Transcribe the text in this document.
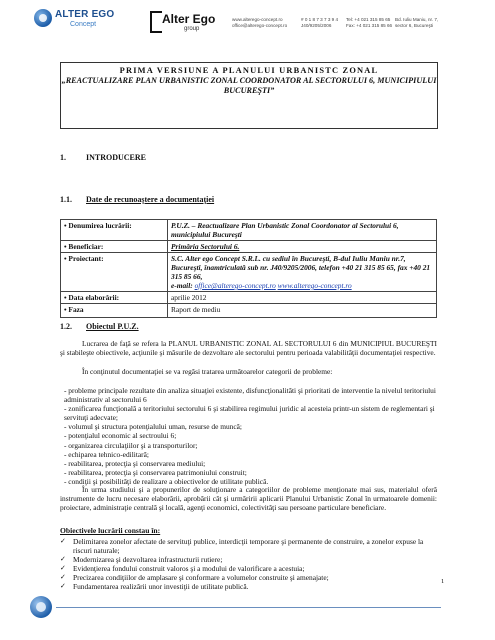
ALTER EGO
Concept	Alter Ego
group
www.alterego-concept.ro
office@alterego-concept.ro
# 0 1 8 7 3 7 3 9 4
J40/9205/2006
Tel: +4 021 315 85 65
Fax: +4 021 315 85 66
Bd. Iuliu Maniu, nr. 7,
sector 6, Bucureşti
PRIMA VERSIUNE A PLANULUI URBANISTC ZONAL
„REACTUALIZARE PLAN URBANISTIC ZONAL COORDONATOR AL SECTORULUI 6, MUNICIPIULUI BUCUREŞTI”
1.	INTRODUCERE
1.1. Date de recunoaştere a documentaţiei
• Denumirea lucrării:	P.U.Z. – Reactualizare Plan Urbanistic Zonal Coordonator al Sectorului 6, municipiului Bucureşti
• Beneficiar:	Primăria Sectorului 6.
• Proiectant:	S.C. Alter ego Concept S.R.L. cu sediul în Bucureşti, B-dul Iuliu Maniu nr.7, Bucureşti, înamtriculată sub nr. J40/9205/2006, telefon +40 21 315 85 65, fax +40 21 315 85 66,
e-mail: office@alterego-concept.ro www.alterego-concept.ro
• Data elaborării:	aprilie 2012
• Faza	Raport de mediu
1.2. Obiectul P.U.Z.
Lucrarea de faţă se refera la PLANUL URBANISTIC ZONAL AL SECTORULUI 6 din MUNICIPIUL BUCUREŞTI şi stabileşte obiectivele, acţiunile şi măsurile de dezvoltare ale sectorului pentru perioada valabilităţii documentaţiei respective.
În conţinutul documentaţiei se va regăsi tratarea următoarelor categorii de probleme:
- probleme principale rezultate din analiza situaţiei existente, disfuncţionalităti şi prioritati de interventie la nivelul teritoriului administrativ al sectorului 6
- zonificarea funcţională a teritoriului sectorului 6 şi stabilirea regimului juridic al acesteia printr-un sistem de reglementari şi servituţi adecvate;
- volumul şi structura potenţialului uman, resurse de muncă;
- potenţialul economic al sectroului 6;
- organizarea circulaţiilor şi a transporturilor;
- echiparea tehnico-edilitară;
- reabilitarea, protecţia şi conservarea mediului;
- reabilitarea, protecţia şi conservarea patrimoniului construit;
- condiţii şi posibilităţi de realizare a obiectivelor de utilitate publică.
În urma studiului şi a propunerilor de soluţionare a categoriilor de probleme menţionate mai sus, materialul oferă instrumente de lucru necesare elaborării, aprobării cât şi urmăririi aplicarii Planului Urbanistic Zonal în urmatoarele domenii: proiectare, administraţie centrală şi locală, agenţi economici, colectivităţi sau persoane particulare beneficiare.
Obiectivele lucrării constau în:
✓ Delimitarea zonelor afectate de servituţi publice, interdicţii temporare şi permanente de construire, a zonelor expuse la riscuri naturale;
✓ Modernizarea şi dezvoltarea infrastructurii rutiere;
✓ Evidenţierea fondului construit valoros şi a modului de valorificare a acestuia;
✓ Precizarea condiţiilor de amplasare şi conformare a volumelor construite şi amenajate;
✓ Fundamentarea realizării unor investiţii de utilitate publică.
1
